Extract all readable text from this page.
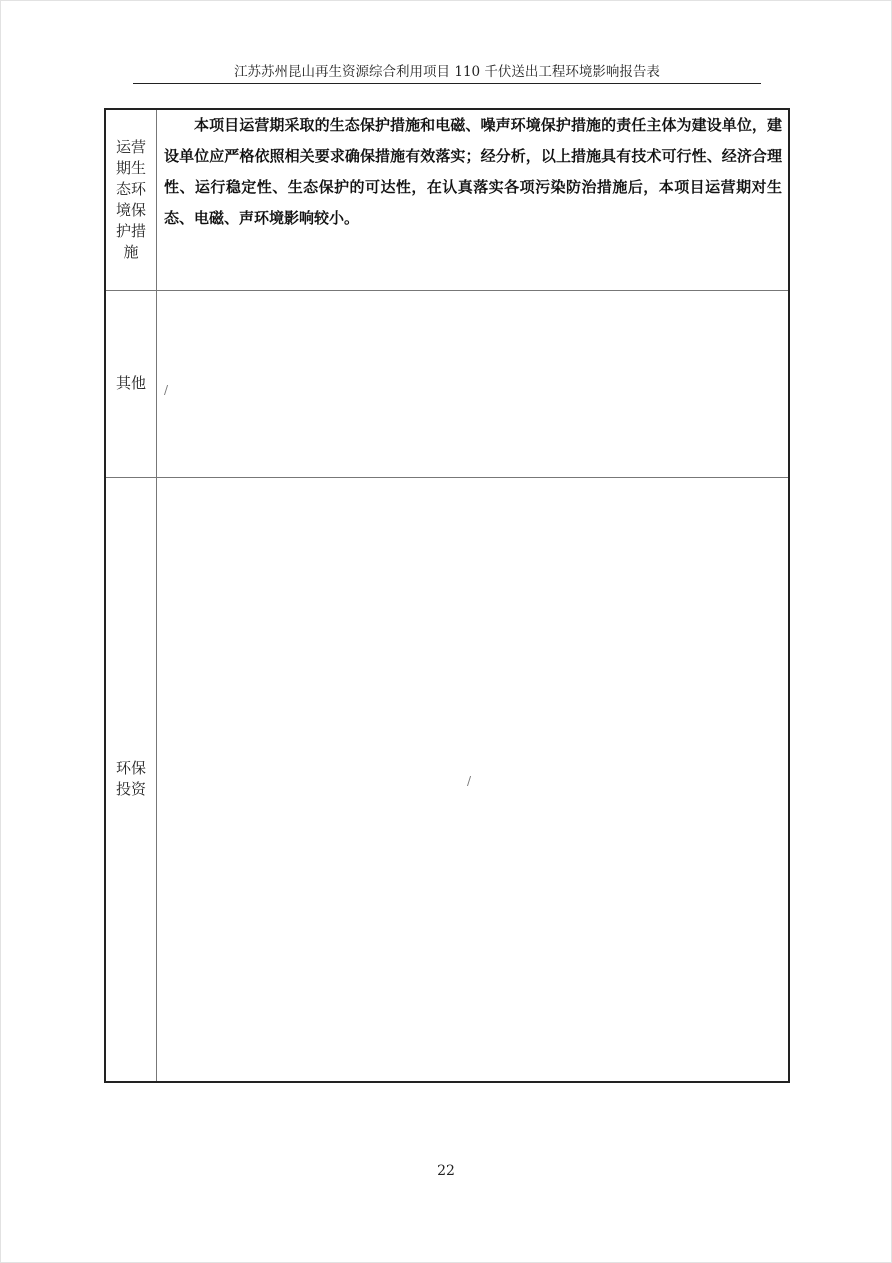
江苏苏州昆山再生资源综合利用项目 110 千伏送出工程环境影响报告表
运营期生态环境保护措施	本项目运营期采取的生态保护措施和电磁、噪声环境保护措施的责任主体为建设单位，建设单位应严格依照相关要求确保措施有效落实；经分析，以上措施具有技术可行性、经济合理性、运行稳定性、生态保护的可达性，在认真落实各项污染防治措施后，本项目运营期对生态、电磁、声环境影响较小。

其他	/

环保投资	/
22
